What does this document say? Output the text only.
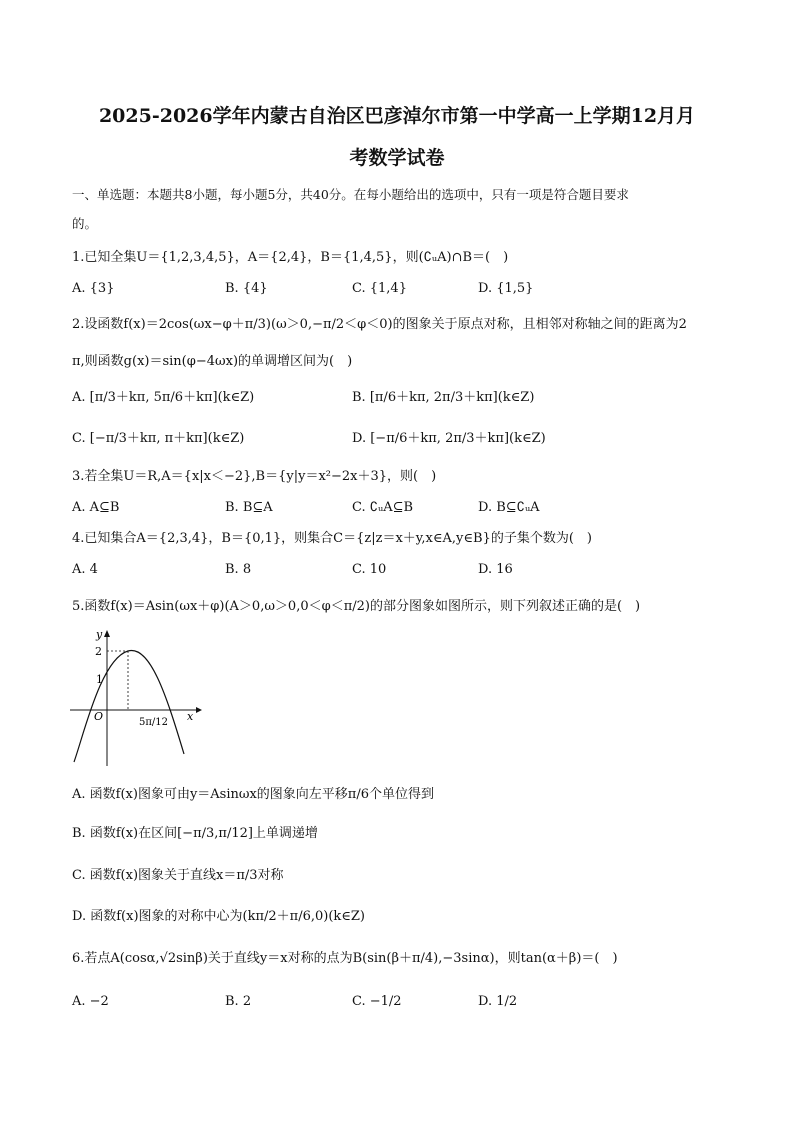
2025-2026学年内蒙古自治区巴彦淖尔市第一中学高一上学期12月月
考数学试卷
一、单选题：本题共8小题，每小题5分，共40分。在每小题给出的选项中，只有一项是符合题目要求
的。
1.已知全集U＝{1,2,3,4,5}，A＝{2,4}，B＝{1,4,5}，则(∁ᵤA)∩B＝(　)
A. {3}	B. {4}	C. {1,4}	D. {1,5}
2.设函数f(x)＝2cos(ωx−φ＋π/3)(ω＞0,−π/2＜φ＜0)的图象关于原点对称，且相邻对称轴之间的距离为2
π,则函数g(x)＝sin(φ−4ωx)的单调增区间为(　)
A. [π/3＋kπ, 5π/6＋kπ](k∈Z)	B. [π/6＋kπ, 2π/3＋kπ](k∈Z)
C. [−π/3＋kπ, π＋kπ](k∈Z)	D. [−π/6＋kπ, 2π/3＋kπ](k∈Z)
3.若全集U＝R,A＝{x|x＜−2},B＝{y|y＝x²−2x＋3}，则(　)
A. A⊆B	B. B⊆A	C. ∁ᵤA⊆B	D. B⊆∁ᵤA
4.已知集合A＝{2,3,4}，B＝{0,1}，则集合C＝{z|z＝x＋y,x∈A,y∈B}的子集个数为(　)
A. 4	B. 8	C. 10	D. 16
5.函数f(x)＝Asin(ωx＋φ)(A＞0,ω＞0,0＜φ＜π/2)的部分图象如图所示，则下列叙述正确的是(　)
y
x
O
2
1
5π/12
A. 函数f(x)图象可由y＝Asinωx的图象向左平移π/6个单位得到
B. 函数f(x)在区间[−π/3,π/12]上单调递增
C. 函数f(x)图象关于直线x＝π/3对称
D. 函数f(x)图象的对称中心为(kπ/2＋π/6,0)(k∈Z)
6.若点A(cosα,√2sinβ)关于直线y＝x对称的点为B(sin(β＋π/4),−3sinα)，则tan(α＋β)＝(　)
A. −2	B. 2	C. −1/2	D. 1/2
